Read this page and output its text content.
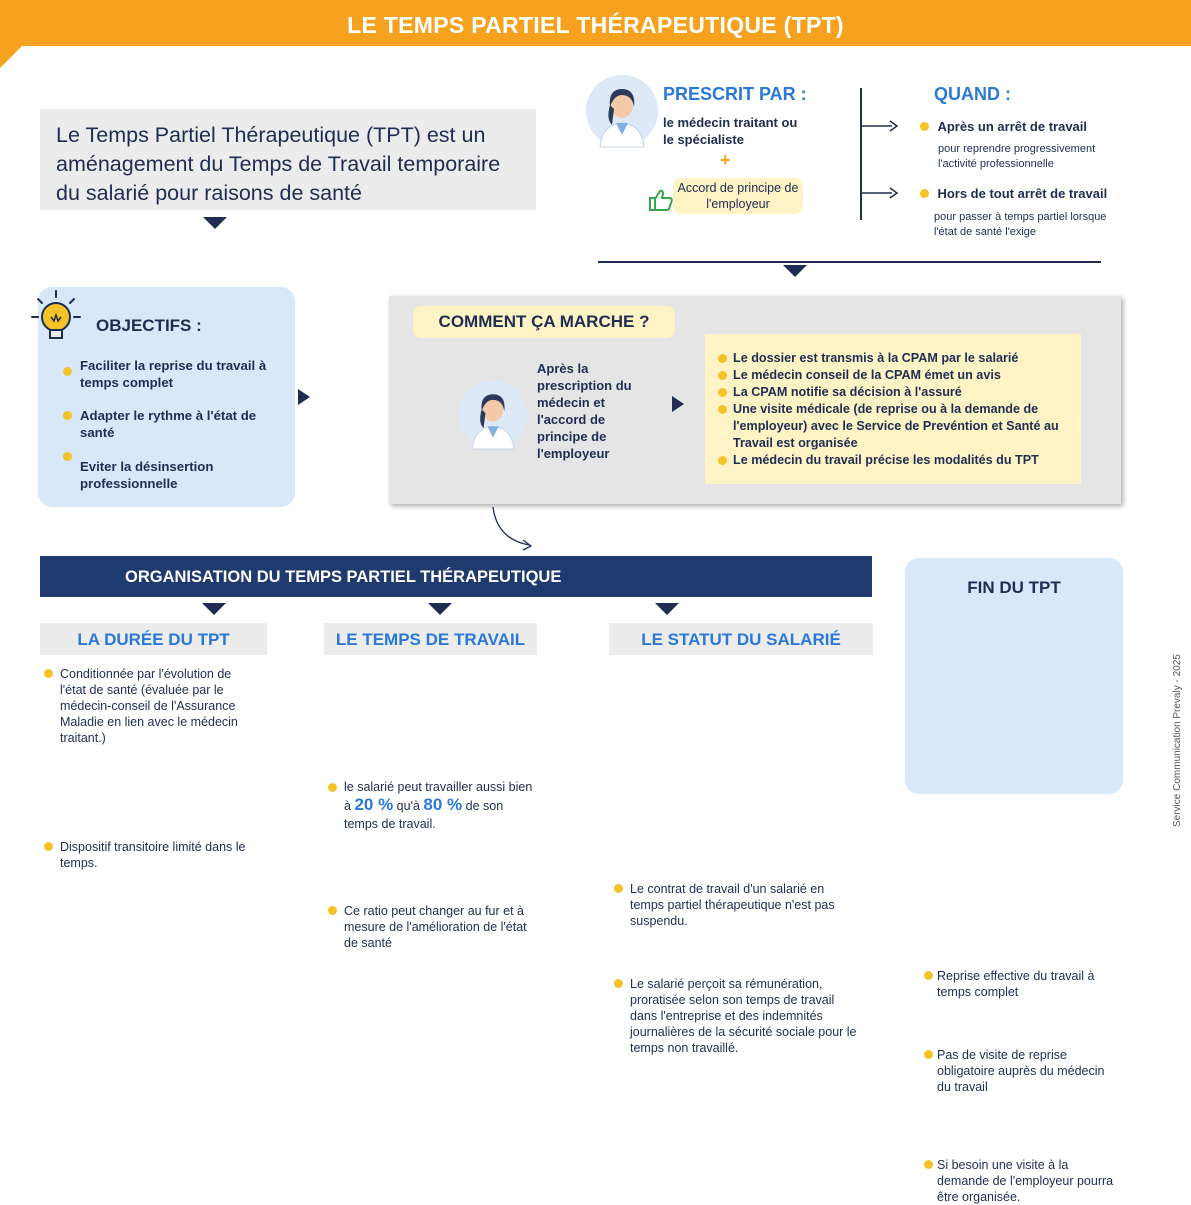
LE TEMPS PARTIEL THÉRAPEUTIQUE (TPT)
Le Temps Partiel Thérapeutique (TPT) est un aménagement du Temps de Travail temporaire du salarié pour raisons de santé
PRESCRIT PAR :
le médecin traitant ou le spécialiste
+
Accord de principe de l'employeur
QUAND :
Après un arrêt de travail
pour reprendre progressivement l'activité professionnelle
Hors de tout arrêt de travail
pour passer à temps partiel lorsque l'état de santé l'exige
OBJECTIFS :
Faciliter la reprise du travail à temps complet
Adapter le rythme à l'état de santé
Eviter la désinsertion professionnelle
COMMENT ÇA MARCHE ?
Après la prescription du médecin et l'accord de principe de l'employeur
Le dossier est transmis à la CPAM par le salarié
Le médecin conseil de la CPAM émet un avis
La CPAM notifie sa décision à l'assuré
Une visite médicale (de reprise ou à la demande de l'employeur) avec le Service de Prevéntion et Santé au Travail est organisée
Le médecin du travail précise les modalités du TPT
ORGANISATION DU TEMPS PARTIEL THÉRAPEUTIQUE
LA DURÉE DU TPT
Conditionnée par l'évolution de l'état de santé (évaluée par le médecin-conseil de l'Assurance Maladie en lien avec le médecin traitant.)
Dispositif transitoire limité dans le temps.
LE TEMPS DE TRAVAIL
le salarié peut travailler aussi bien à 20 % qu'à 80 % de son temps de travail.
Ce ratio peut changer au fur et à mesure de l'amélioration de l'état de santé
LE STATUT DU SALARIÉ
Le contrat de travail d'un salarié en temps partiel thérapeutique n'est pas suspendu.
Le salarié perçoit sa rémunération, proratisée selon son temps de travail dans l'entreprise et des indemnités journalières de la sécurité sociale pour le temps non travaillé.
FIN DU TPT
Reprise effective du travail à temps complet
Pas de visite de reprise obligatoire auprès du médecin du travail
Si besoin une visite à la demande de l'employeur pourra être organisée.
Service Communication Prevaly - 2025
